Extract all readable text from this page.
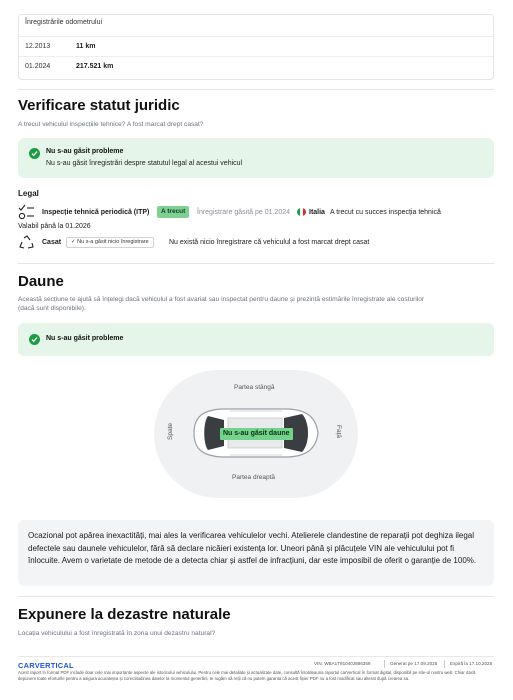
Înregistrările odometrului
12.2013	11 km
01.2024	217.521 km
Verificare statut juridic
A trecut vehiculul inspecțiile tehnice? A fost marcat drept casat?
Nu s-au găsit probleme
Nu s-au găsit înregistrări despre statutul legal al acestui vehicul
Legal
Inspecție tehnică periodică (ITP)	A trecut	Înregistrare găsită pe 01.2024	Italia A trecut cu succes inspecția tehnică
Valabil până la 01.2026
Casat	✓ Nu s-a găsit nicio înregistrare	Nu există nicio înregistrare că vehiculul a fost marcat drept casat
Daune
Această secțiune te ajută să înțelegi dacă vehiculul a fost avariat sau inspectat pentru daune și prezintă estimările înregistrate ale costurilor
(dacă sunt disponibile).
Nu s-au găsit probleme
Partea stângă
Partea dreaptă
Spate	Față
Nu s-au găsit daune
Ocazional pot apărea inexactități, mai ales la verificarea vehiculelor vechi. Atelierele clandestine de reparații pot deghiza ilegal defectele sau daunele vehiculelor, fără să declare nicăieri existența lor. Uneori până și plăcuțele VIN ale vehiculului pot fi înlocuite. Avem o varietate de metode de a detecta chiar și astfel de infracțiuni, dar este imposibil de oferit o garanție de 100%.
Expunere la dezastre naturale
Locația vehiculului a fost înregistrată în zona unui dezastru natural?
CARVERTICAL	VIN: WBA1T91040J886359	Generat pe 17.09.2025	Expiră la 17.10.2025
Acest raport în format PDF include doar cele mai importante aspecte ale istoricului vehiculului. Pentru cele mai detaliate și actualizate date, consultă întotdeauna raportul carVertical în format digital, disponibil pe site-ul nostru web. Chiar dacă depunem toate eforturile pentru a asigura acuratețea și corectitudinea datelor la momentul generării, te rugăm să reții că nu putem garanta că acest fișier PDF nu a fost modificat sau alterat după crearea sa.
